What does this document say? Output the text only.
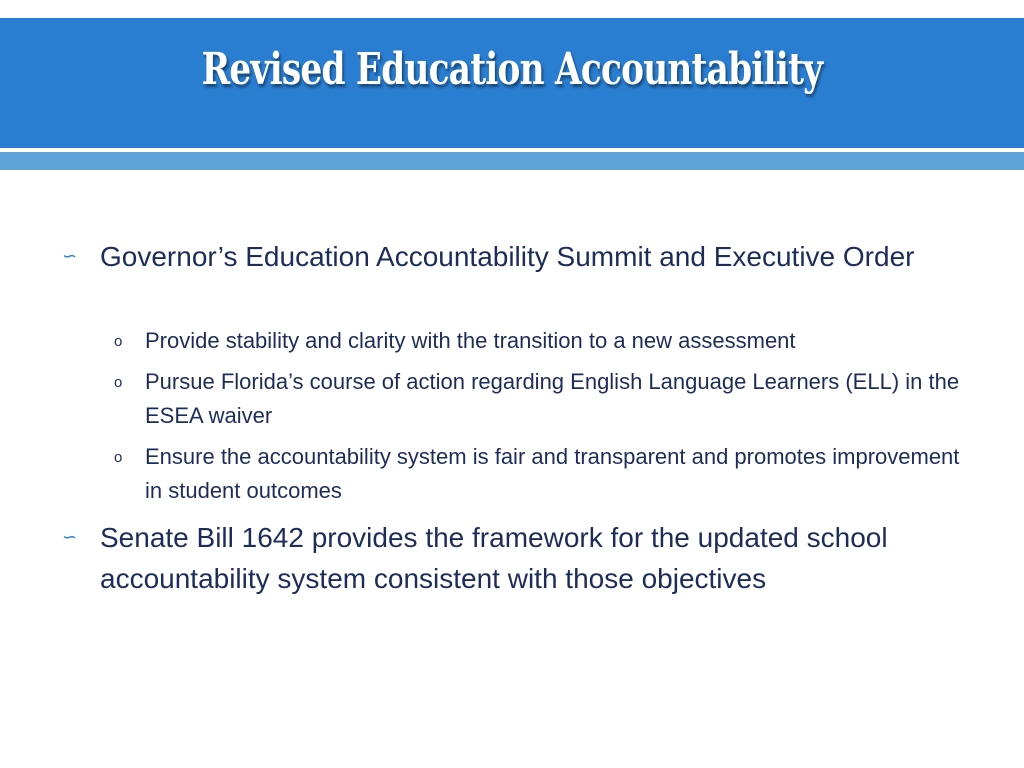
Revised Education Accountability
∽ Governor’s Education Accountability Summit and Executive Order
o Provide stability and clarity with the transition to a new assessment
o Pursue Florida’s course of action regarding English Language Learners (ELL) in the ESEA waiver
o Ensure the accountability system is fair and transparent and promotes improvement in student outcomes
∽ Senate Bill 1642 provides the framework for the updated school accountability system consistent with those objectives
